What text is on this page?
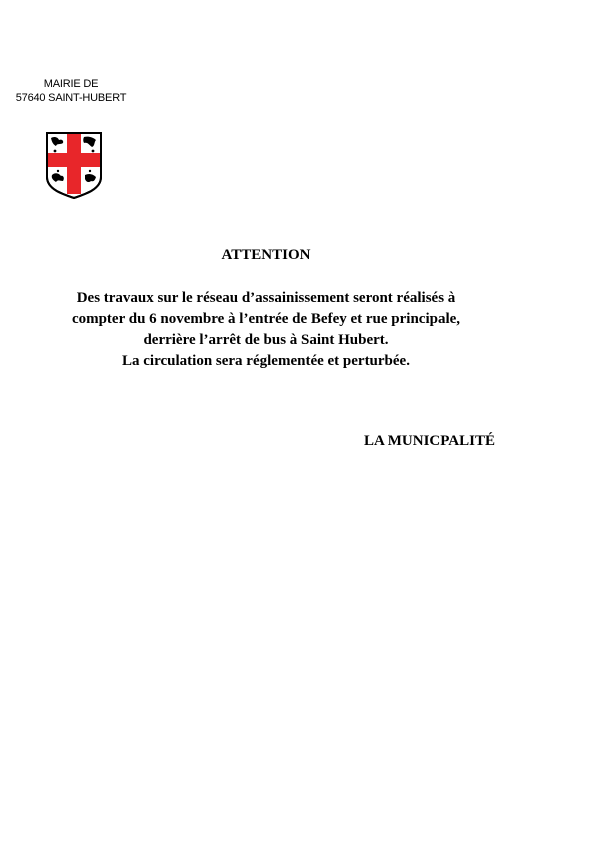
MAIRIE DE
57640 SAINT-HUBERT
ATTENTION
Des travaux sur le réseau d’assainissement seront réalisés à
compter du 6 novembre à l’entrée de Befey et rue principale,
derrière l’arrêt de bus à Saint Hubert.
La circulation sera réglementée et perturbée.
LA MUNICPALITÉ
